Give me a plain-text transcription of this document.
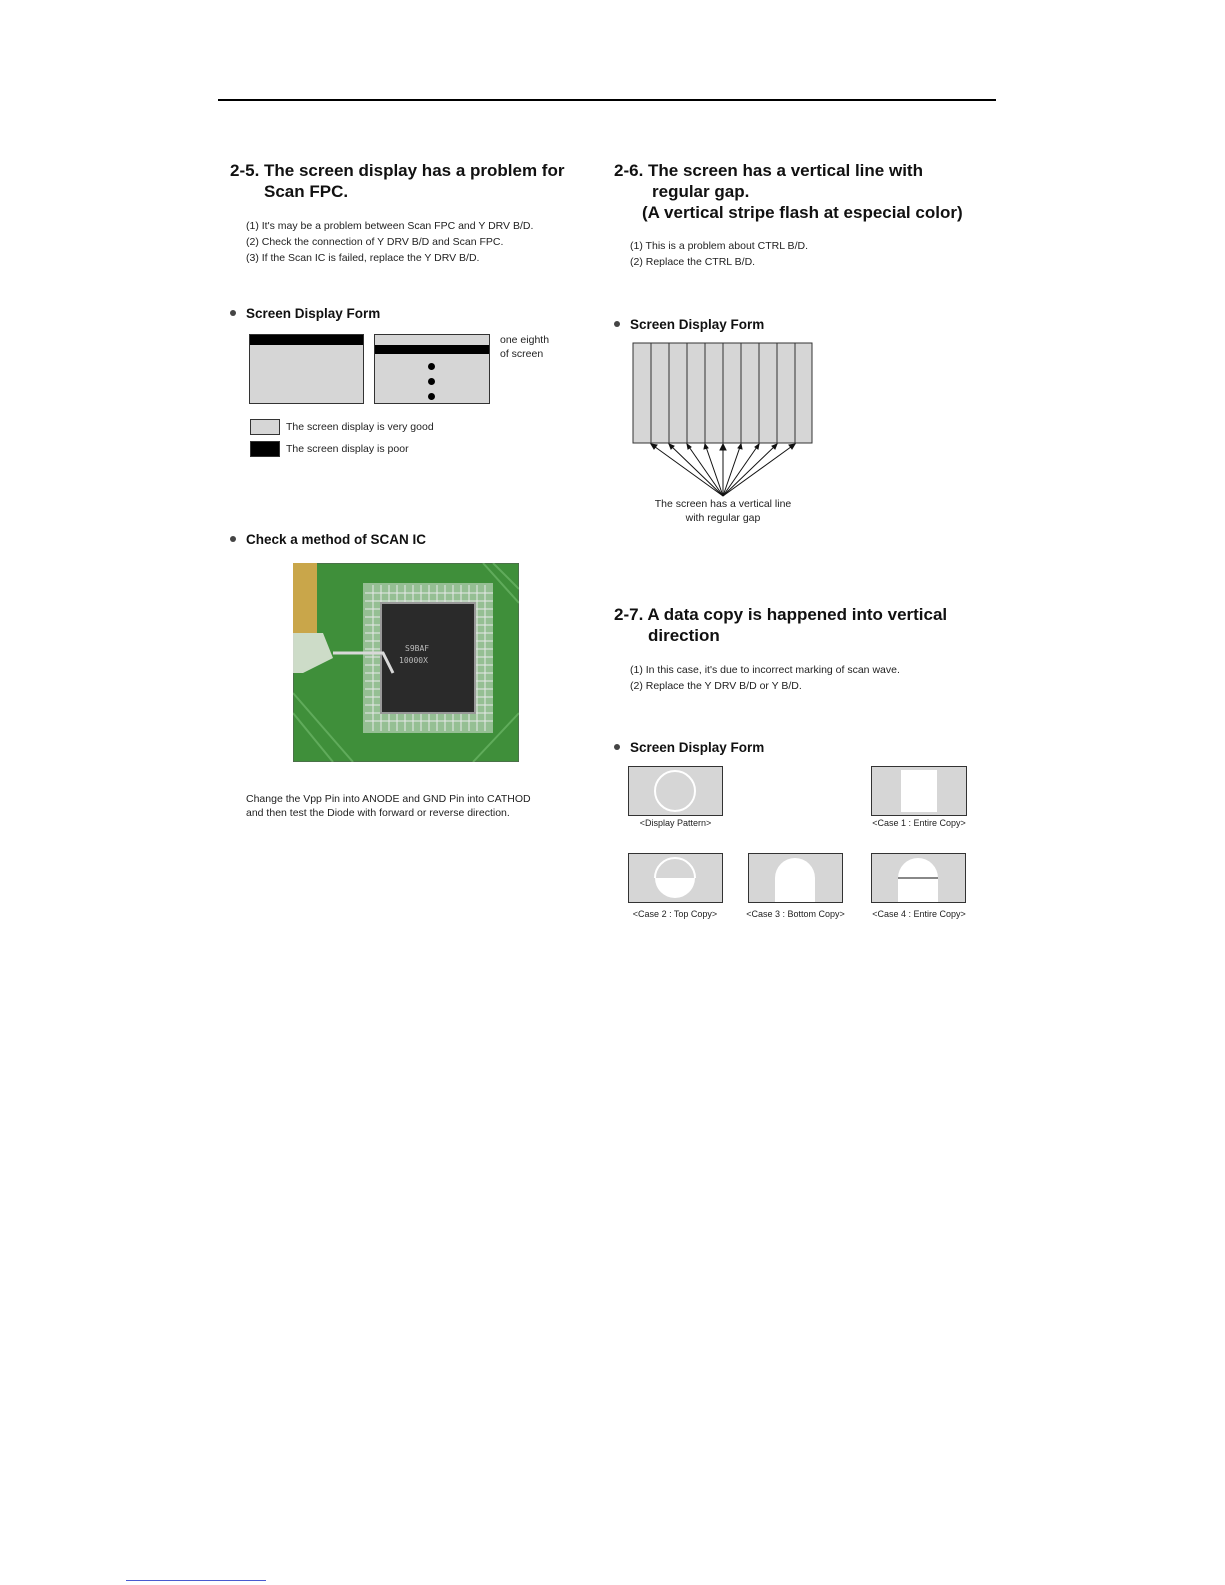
2-5. The screen display has a problem for
Scan FPC.
(1) It's may be a problem between Scan FPC and Y DRV B/D.
(2) Check the connection of Y DRV B/D and Scan FPC.
(3) If the Scan IC is failed, replace the Y DRV B/D.
Screen Display Form
one eighth
of screen
The screen display is very good
The screen display is poor
Check a method of SCAN IC
S9BAF
10000X
Change the Vpp Pin into ANODE and GND Pin into CATHOD
and then test the Diode with forward or reverse direction.
2-6. The screen has a vertical line with
regular gap.
(A vertical stripe flash at especial color)
(1) This is a problem about CTRL B/D.
(2) Replace the CTRL B/D.
Screen Display Form
The screen has a vertical line
with regular gap
2-7. A data copy is happened into vertical
direction
(1) In this case, it's due to incorrect marking of scan wave.
(2) Replace the Y DRV B/D or Y B/D.
Screen Display Form
<Display Pattern>	<Case 1 : Entire Copy>
<Case 2 : Top Copy>	<Case 3 : Bottom Copy>	<Case 4 : Entire Copy>
